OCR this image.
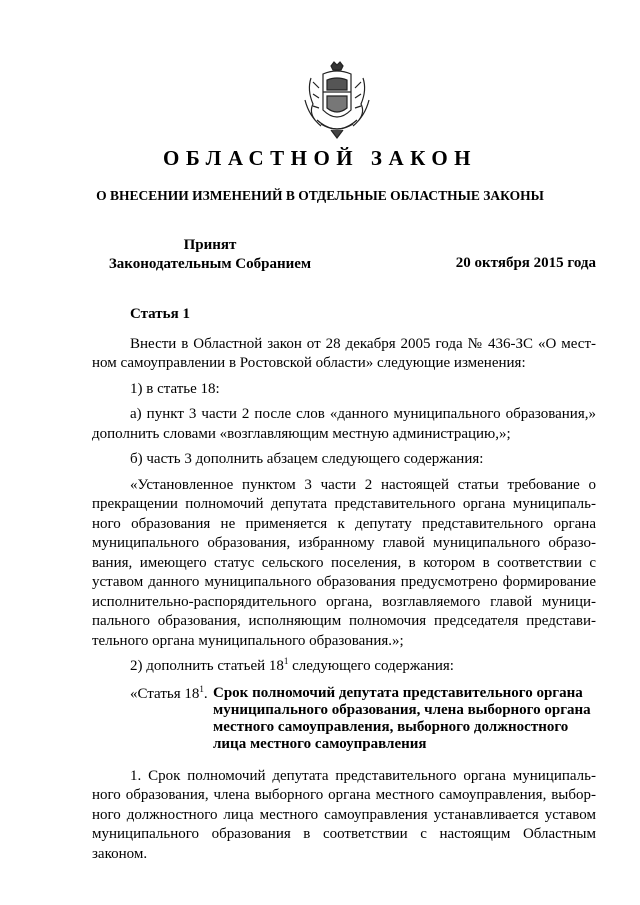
ОБЛАСТНОЙ ЗАКОН
О ВНЕСЕНИИ ИЗМЕНЕНИЙ В ОТДЕЛЬНЫЕ ОБЛАСТНЫЕ ЗАКОНЫ
Принят
Законодательным Собранием	20 октября 2015 года

Статья 1

Внести в Областной закон от 28 декабря 2005 года № 436-ЗС «О мест-ном самоуправлении в Ростовской области» следующие изменения:

1) в статье 18:

а) пункт 3 части 2 после слов «данного муниципального образования,» дополнить словами «возглавляющим местную администрацию,»;

б) часть 3 дополнить абзацем следующего содержания:

«Установленное пунктом 3 части 2 настоящей статьи требование о прекращении полномочий депутата представительного органа муниципаль-ного образования не применяется к депутату представительного органа муниципального образования, избранному главой муниципального образо-вания, имеющего статус сельского поселения, в котором в соответствии с уставом данного муниципального образования предусмотрено формирование исполнительно-распорядительного органа, возглавляемого главой муници-пального образования, исполняющим полномочия председателя представи-тельного органа муниципального образования.»;

2) дополнить статьей $18^1$ следующего содержания:

«Статья $18^1$. Срок полномочий депутата представительного органа муниципального образования, члена выборного органа местного самоуправления, выборного должностного лица местного самоуправления

1. Срок полномочий депутата представительного органа муниципаль-ного образования, члена выборного органа местного самоуправления, выбор-ного должностного лица местного самоуправления устанавливается уставом муниципального образования в соответствии с настоящим Областным законом.
